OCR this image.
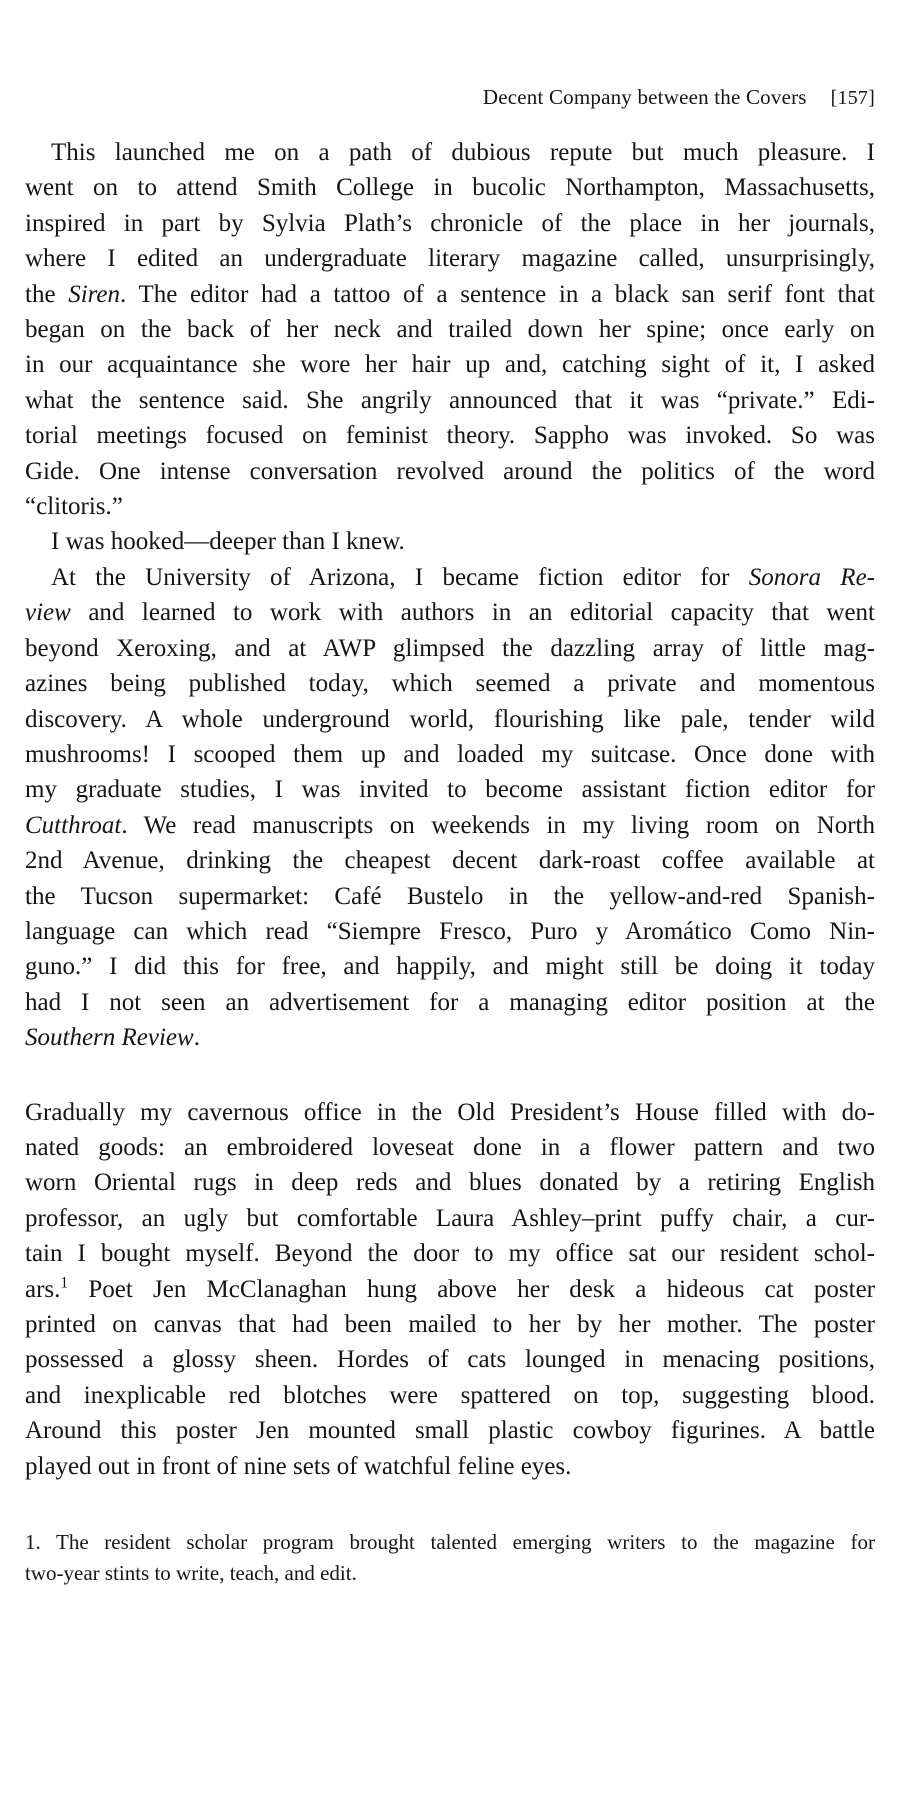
Decent Company between the Covers [157]
This launched me on a path of dubious repute but much pleasure. I
went on to attend Smith College in bucolic Northampton, Massachusetts,
inspired in part by Sylvia Plath’s chronicle of the place in her journals,
where I edited an undergraduate literary magazine called, unsurprisingly,
the Siren. The editor had a tattoo of a sentence in a black san serif font that
began on the back of her neck and trailed down her spine; once early on
in our acquaintance she wore her hair up and, catching sight of it, I asked
what the sentence said. She angrily announced that it was “private.” Edi-
torial meetings focused on feminist theory. Sappho was invoked. So was
Gide. One intense conversation revolved around the politics of the word
“clitoris.”
I was hooked—deeper than I knew.
At the University of Arizona, I became fiction editor for Sonora Re-
view and learned to work with authors in an editorial capacity that went
beyond Xeroxing, and at AWP glimpsed the dazzling array of little mag-
azines being published today, which seemed a private and momentous
discovery. A whole underground world, flourishing like pale, tender wild
mushrooms! I scooped them up and loaded my suitcase. Once done with
my graduate studies, I was invited to become assistant fiction editor for
Cutthroat. We read manuscripts on weekends in my living room on North
2nd Avenue, drinking the cheapest decent dark-roast coffee available at
the Tucson supermarket: Café Bustelo in the yellow-and-red Spanish-
language can which read “Siempre Fresco, Puro y Aromático Como Nin-
guno.” I did this for free, and happily, and might still be doing it today
had I not seen an advertisement for a managing editor position at the
Southern Review.
Gradually my cavernous office in the Old President’s House filled with do-
nated goods: an embroidered loveseat done in a flower pattern and two
worn Oriental rugs in deep reds and blues donated by a retiring English
professor, an ugly but comfortable Laura Ashley–print puffy chair, a cur-
tain I bought myself. Beyond the door to my office sat our resident schol-
ars.$^1$ Poet Jen McClanaghan hung above her desk a hideous cat poster
printed on canvas that had been mailed to her by her mother. The poster
possessed a glossy sheen. Hordes of cats lounged in menacing positions,
and inexplicable red blotches were spattered on top, suggesting blood.
Around this poster Jen mounted small plastic cowboy figurines. A battle
played out in front of nine sets of watchful feline eyes.
1. The resident scholar program brought talented emerging writers to the magazine for
two-year stints to write, teach, and edit.
